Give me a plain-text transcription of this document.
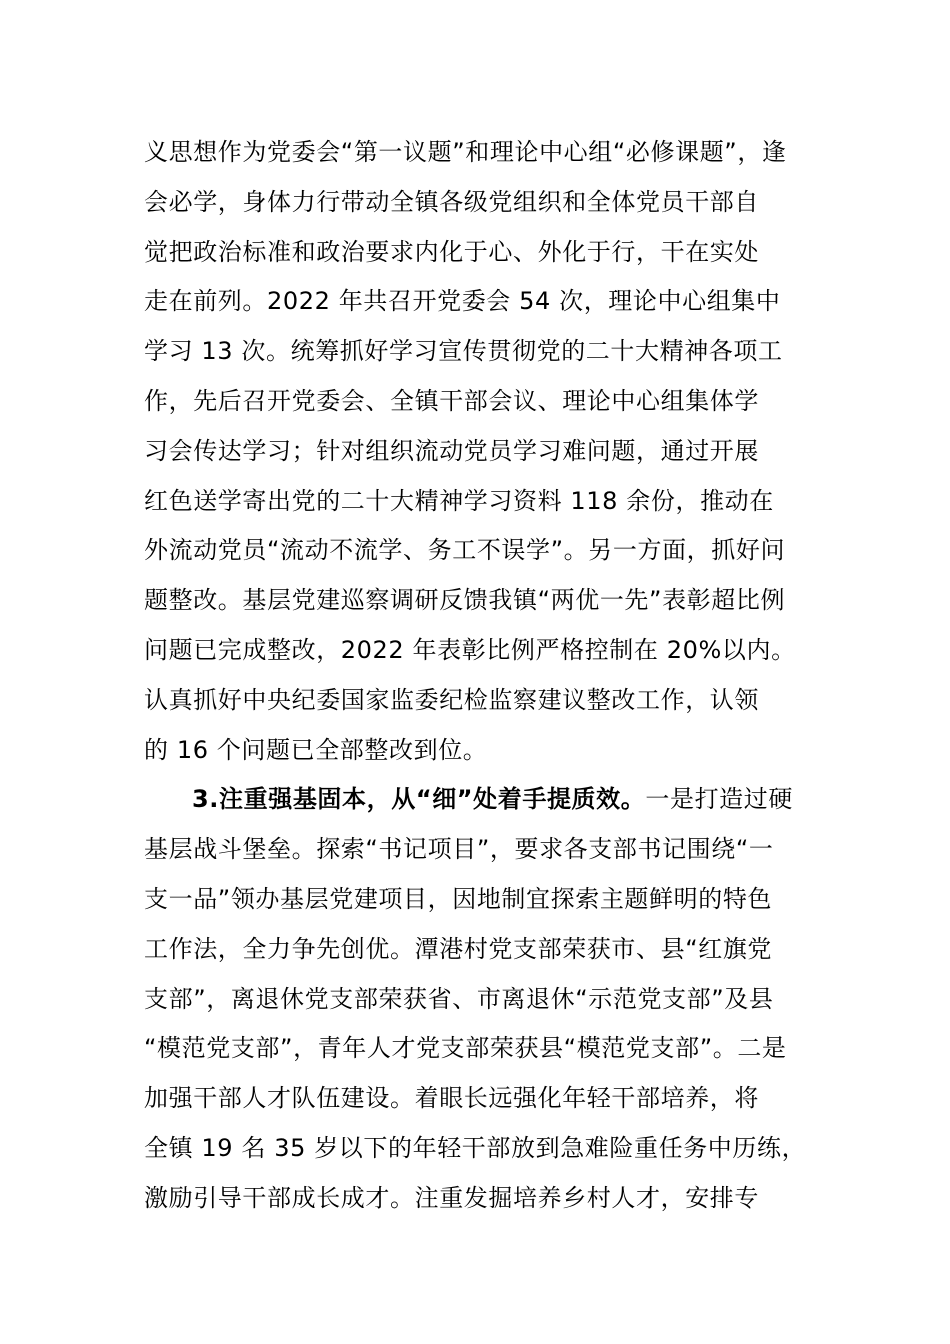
义思想作为党委会“第一议题”和理论中心组“必修课题”，逢
会必学，身体力行带动全镇各级党组织和全体党员干部自
觉把政治标准和政治要求内化于心、外化于行，干在实处
走在前列。2022 年共召开党委会 54 次，理论中心组集中
学习 13 次。统筹抓好学习宣传贯彻党的二十大精神各项工
作，先后召开党委会、全镇干部会议、理论中心组集体学
习会传达学习；针对组织流动党员学习难问题，通过开展
红色送学寄出党的二十大精神学习资料 118 余份，推动在
外流动党员“流动不流学、务工不误学”。另一方面，抓好问
题整改。基层党建巡察调研反馈我镇“两优一先”表彰超比例
问题已完成整改，2022 年表彰比例严格控制在 20%以内。
认真抓好中央纪委国家监委纪检监察建议整改工作，认领
的 16 个问题已全部整改到位。
3.注重强基固本，从“细”处着手提质效。一是打造过硬
基层战斗堡垒。探索“书记项目”，要求各支部书记围绕“一
支一品”领办基层党建项目，因地制宜探索主题鲜明的特色
工作法，全力争先创优。潭港村党支部荣获市、县“红旗党
支部”，离退休党支部荣获省、市离退休“示范党支部”及县
“模范党支部”，青年人才党支部荣获县“模范党支部”。二是
加强干部人才队伍建设。着眼长远强化年轻干部培养，将
全镇 19 名 35 岁以下的年轻干部放到急难险重任务中历练，
激励引导干部成长成才。注重发掘培养乡村人才，安排专
